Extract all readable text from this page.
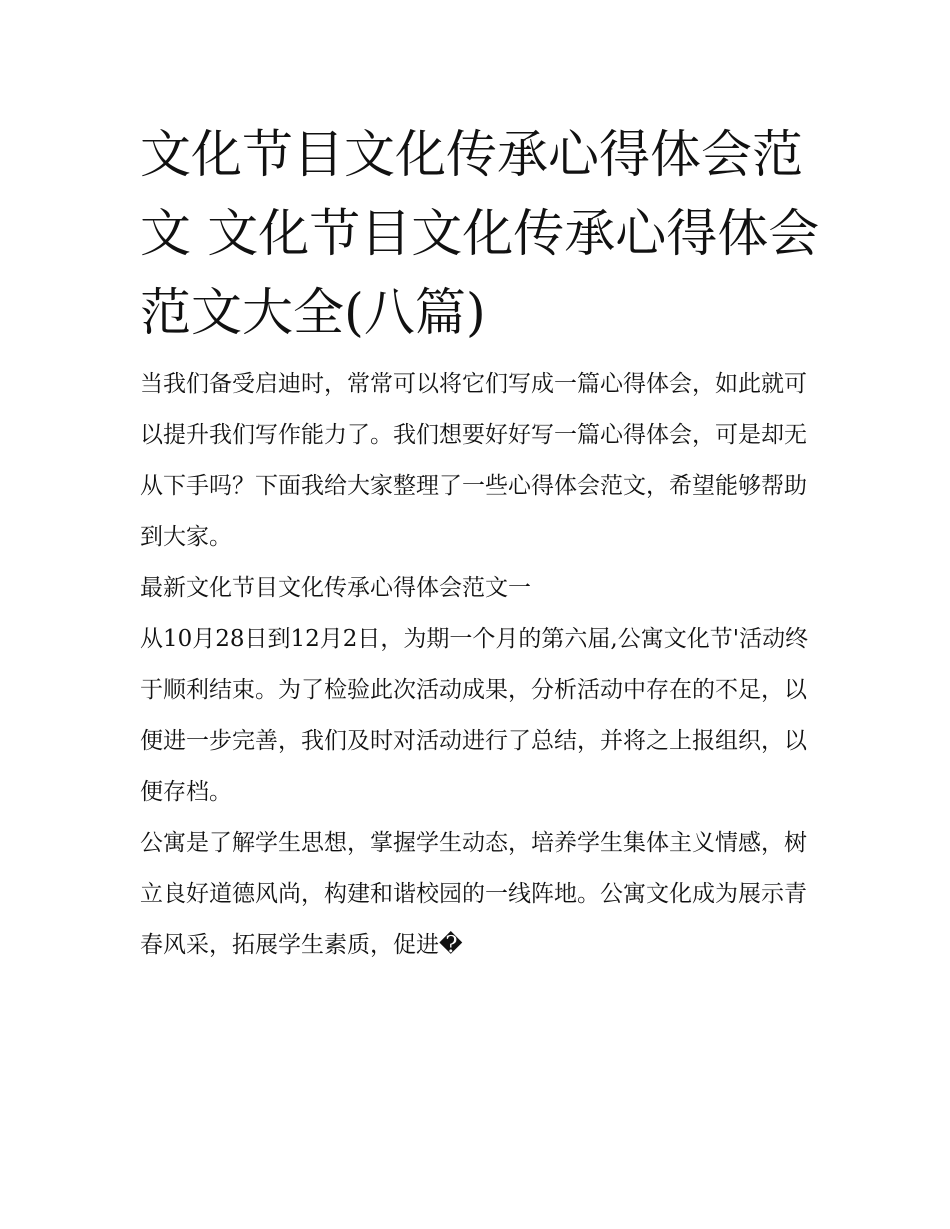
文化节目文化传承心得体会范文 文化节目文化传承心得体会范文大全(八篇)

当我们备受启迪时，常常可以将它们写成一篇心得体会，如此就可以提升我们写作能力了。我们想要好好写一篇心得体会，可是却无从下手吗？下面我给大家整理了一些心得体会范文，希望能够帮助到大家。

最新文化节目文化传承心得体会范文一

从10月28日到12月2日，为期一个月的第六届,公寓文化节'活动终于顺利结束。为了检验此次活动成果，分析活动中存在的不足，以便进一步完善，我们及时对活动进行了总结，并将之上报组织，以便存档。

公寓是了解学生思想，掌握学生动态，培养学生集体主义情感，树立良好道德风尚，构建和谐校园的一线阵地。公寓文化成为展示青春风采，拓展学生素质，促进�
